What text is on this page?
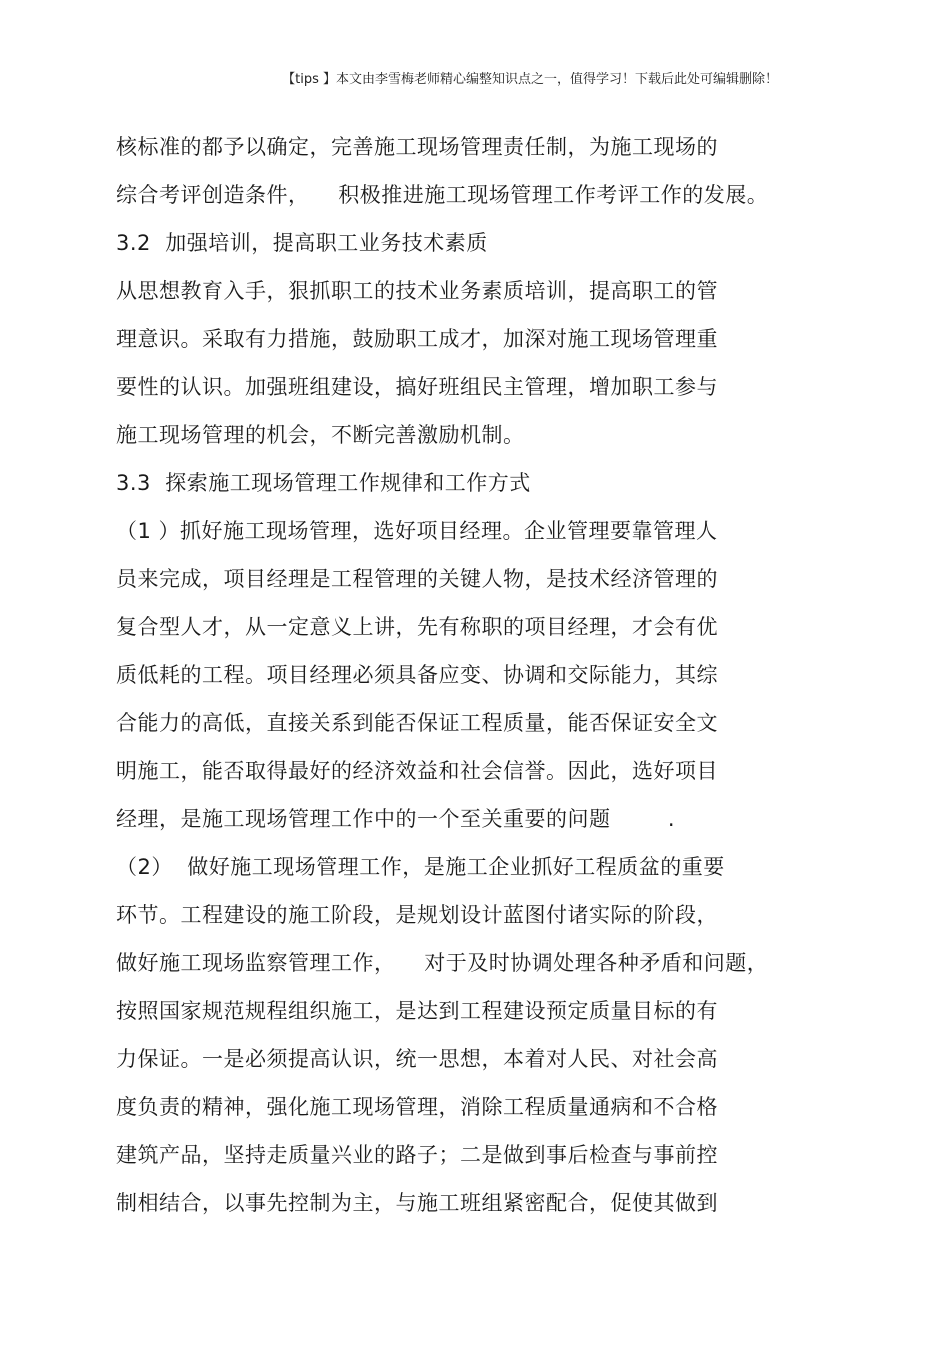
【tips 】本文由李雪梅老师精心编整知识点之一，值得学习！下载后此处可编辑删除！
核标准的都予以确定，完善施工现场管理责任制，为施工现场的
综合考评创造条件，    积极推进施工现场管理工作考评工作的发展。
3.2  加强培训，提高职工业务技术素质
从思想教育入手，狠抓职工的技术业务素质培训，提高职工的管
理意识。采取有力措施，鼓励职工成才，加深对施工现场管理重
要性的认识。加强班组建设，搞好班组民主管理，增加职工参与
施工现场管理的机会，不断完善激励机制。
3.3  探索施工现场管理工作规律和工作方式
（1 ）抓好施工现场管理，选好项目经理。企业管理要靠管理人
员来完成，项目经理是工程管理的关键人物，是技术经济管理的
复合型人才，从一定意义上讲，先有称职的项目经理，才会有优
质低耗的工程。项目经理必须具备应变、协调和交际能力，其综
合能力的高低，直接关系到能否保证工程质量，能否保证安全文
明施工，能否取得最好的经济效益和社会信誉。因此，选好项目
经理，是施工现场管理工作中的一个至关重要的问题        .
（2）  做好施工现场管理工作，是施工企业抓好工程质盆的重要
环节。工程建设的施工阶段，是规划设计蓝图付诸实际的阶段，
做好施工现场监察管理工作，    对于及时协调处理各种矛盾和问题，
按照国家规范规程组织施工，是达到工程建设预定质量目标的有
力保证。一是必须提高认识，统一思想，本着对人民、对社会高
度负责的精神，强化施工现场管理，消除工程质量通病和不合格
建筑产品，坚持走质量兴业的路子；二是做到事后检查与事前控
制相结合，以事先控制为主，与施工班组紧密配合，促使其做到
